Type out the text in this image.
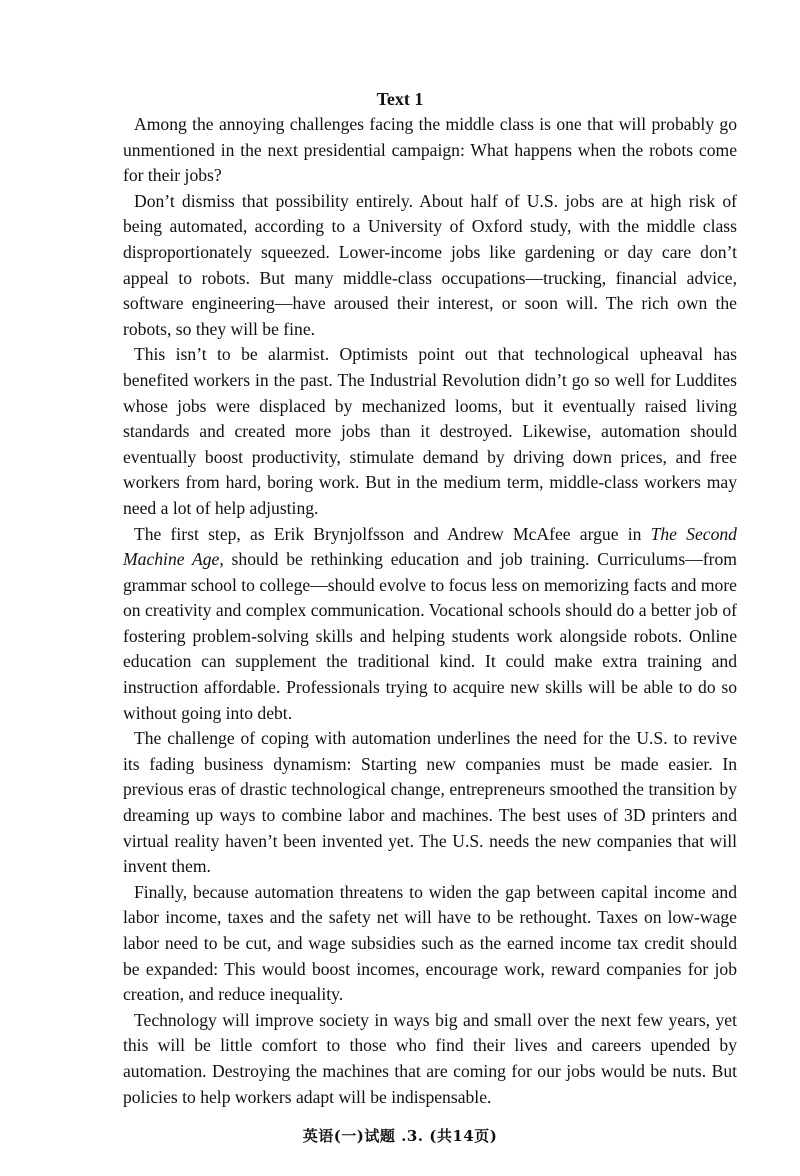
Text 1

Among the annoying challenges facing the middle class is one that will probably go unmentioned in the next presidential campaign: What happens when the robots come for their jobs?

Don’t dismiss that possibility entirely. About half of U.S. jobs are at high risk of being automated, according to a University of Oxford study, with the middle class disproportionately squeezed. Lower-income jobs like gardening or day care don’t appeal to robots. But many middle-class occupations—trucking, financial advice, software engineering—have aroused their interest, or soon will. The rich own the robots, so they will be fine.

This isn’t to be alarmist. Optimists point out that technological upheaval has benefited workers in the past. The Industrial Revolution didn’t go so well for Luddites whose jobs were displaced by mechanized looms, but it eventually raised living standards and created more jobs than it destroyed. Likewise, automation should eventually boost productivity, stimulate demand by driving down prices, and free workers from hard, boring work. But in the medium term, middle-class workers may need a lot of help adjusting.

The first step, as Erik Brynjolfsson and Andrew McAfee argue in The Second Machine Age, should be rethinking education and job training. Curriculums—from grammar school to college—should evolve to focus less on memorizing facts and more on creativity and complex communication. Vocational schools should do a better job of fostering problem-solving skills and helping students work alongside robots. Online education can supplement the traditional kind. It could make extra training and instruction affordable. Professionals trying to acquire new skills will be able to do so without going into debt.

The challenge of coping with automation underlines the need for the U.S. to revive its fading business dynamism: Starting new companies must be made easier. In previous eras of drastic technological change, entrepreneurs smoothed the transition by dreaming up ways to combine labor and machines. The best uses of 3D printers and virtual reality haven’t been invented yet. The U.S. needs the new companies that will invent them.

Finally, because automation threatens to widen the gap between capital income and labor income, taxes and the safety net will have to be rethought. Taxes on low-wage labor need to be cut, and wage subsidies such as the earned income tax credit should be expanded: This would boost incomes, encourage work, reward companies for job creation, and reduce inequality.

Technology will improve society in ways big and small over the next few years, yet this will be little comfort to those who find their lives and careers upended by automation. Destroying the machines that are coming for our jobs would be nuts. But policies to help workers adapt will be indispensable.

英语(一)试题 .3. (共14页)
